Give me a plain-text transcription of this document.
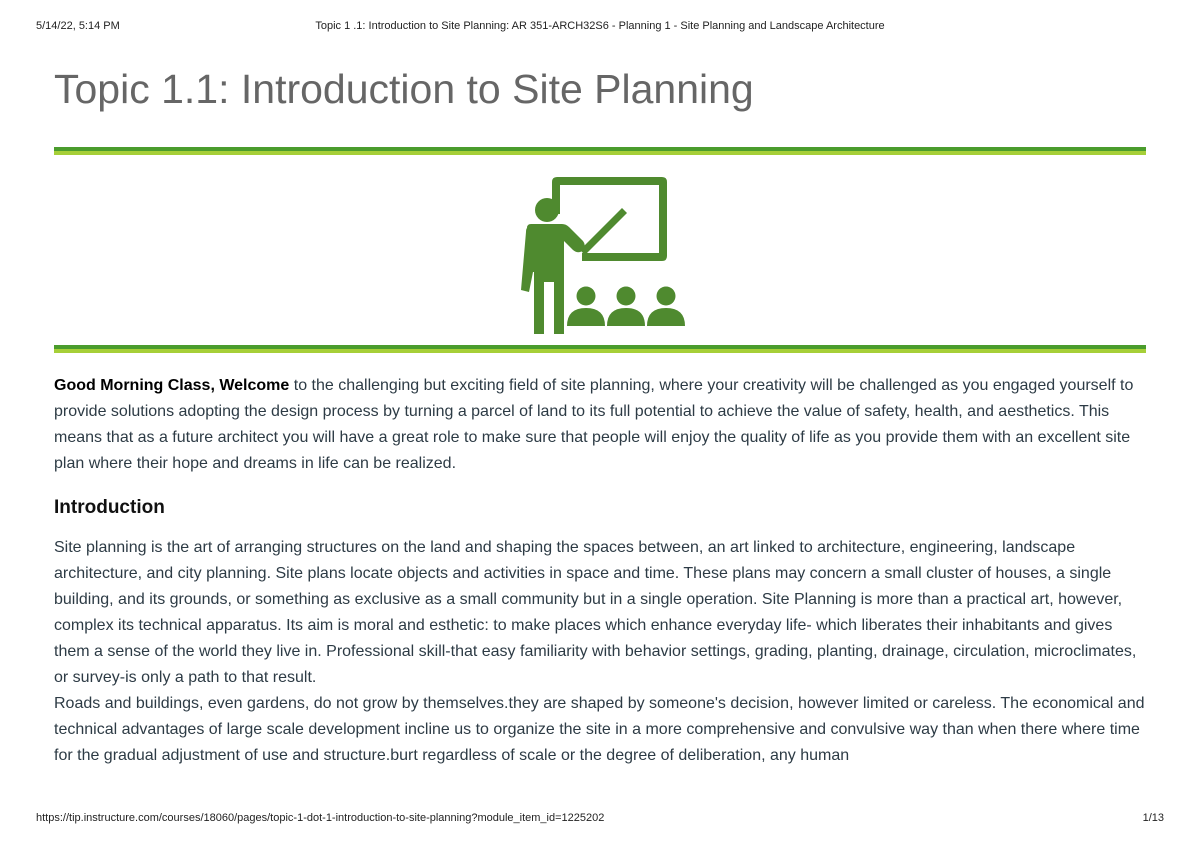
5/14/22, 5:14 PM	Topic 1 .1: Introduction to Site Planning: AR 351-ARCH32S6 - Planning 1 - Site Planning and Landscape Architecture
Topic 1.1: Introduction to Site Planning

Good Morning Class, Welcome to the challenging but exciting field of site planning, where your creativity will be challenged as you engaged yourself to provide solutions adopting the design process by turning a parcel of land to its full potential to achieve the value of safety, health, and aesthetics. This means that as a future architect you will have a great role to make sure that people will enjoy the quality of life as you provide them with an excellent site plan where their hope and dreams in life can be realized.

Introduction

Site planning is the art of arranging structures on the land and shaping the spaces between, an art linked to architecture, engineering, landscape architecture, and city planning. Site plans locate objects and activities in space and time. These plans may concern a small cluster of houses, a single building, and its grounds, or something as exclusive as a small community but in a single operation. Site Planning is more than a practical art, however, complex its technical apparatus. Its aim is moral and esthetic: to make places which enhance everyday life- which liberates their inhabitants and gives them a sense of the world they live in. Professional skill-that easy familiarity with behavior settings, grading, planting, drainage, circulation, microclimates, or survey-is only a path to that result.

Roads and buildings, even gardens, do not grow by themselves.they are shaped by someone's decision, however limited or careless. The economical and technical advantages of large scale development incline us to organize the site in a more comprehensive and convulsive way than when there where time for the gradual adjustment of use and structure.burt regardless of scale or the degree of deliberation, any human

https://tip.instructure.com/courses/18060/pages/topic-1-dot-1-introduction-to-site-planning?module_item_id=1225202	1/13
